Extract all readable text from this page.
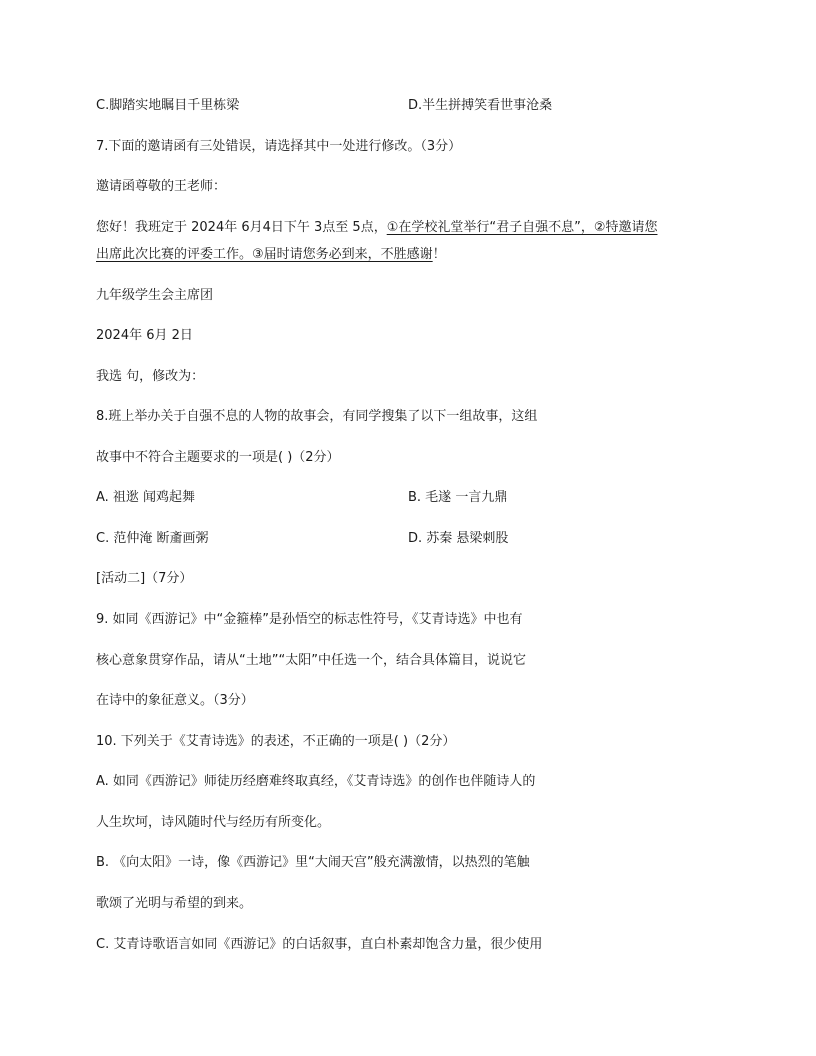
C.脚踏实地瞩目千里栋梁	D.半生拼搏笑看世事沧桑
7.下面的邀请函有三处错误，请选择其中一处进行修改。（3分）
邀请函尊敬的王老师：
您好！我班定于 2024年 6月4日下午 3点至 5点，①在学校礼堂举行“君子自强不息”，②特邀请您
出席此次比赛的评委工作。③届时请您务必到来，不胜感谢！
九年级学生会主席团
2024年 6月 2日
我选 句，修改为：
8.班上举办关于自强不息的人物的故事会，有同学搜集了以下一组故事，这组
故事中不符合主题要求的一项是( )（2分）
A. 祖逖 闻鸡起舞	B. 毛遂 一言九鼎
C. 范仲淹 断齑画粥	D. 苏秦 悬梁刺股
[活动二]（7分）
9. 如同《西游记》中“金箍棒”是孙悟空的标志性符号，《艾青诗选》中也有
核心意象贯穿作品，请从“土地”“太阳”中任选一个，结合具体篇目，说说它
在诗中的象征意义。（3分）
10. 下列关于《艾青诗选》的表述，不正确的一项是( )（2分）
A. 如同《西游记》师徒历经磨难终取真经，《艾青诗选》的创作也伴随诗人的
人生坎坷，诗风随时代与经历有所变化。
B. 《向太阳》一诗，像《西游记》里“大闹天宫”般充满激情，以热烈的笔触
歌颂了光明与希望的到来。
C. 艾青诗歌语言如同《西游记》的白话叙事，直白朴素却饱含力量，很少使用
